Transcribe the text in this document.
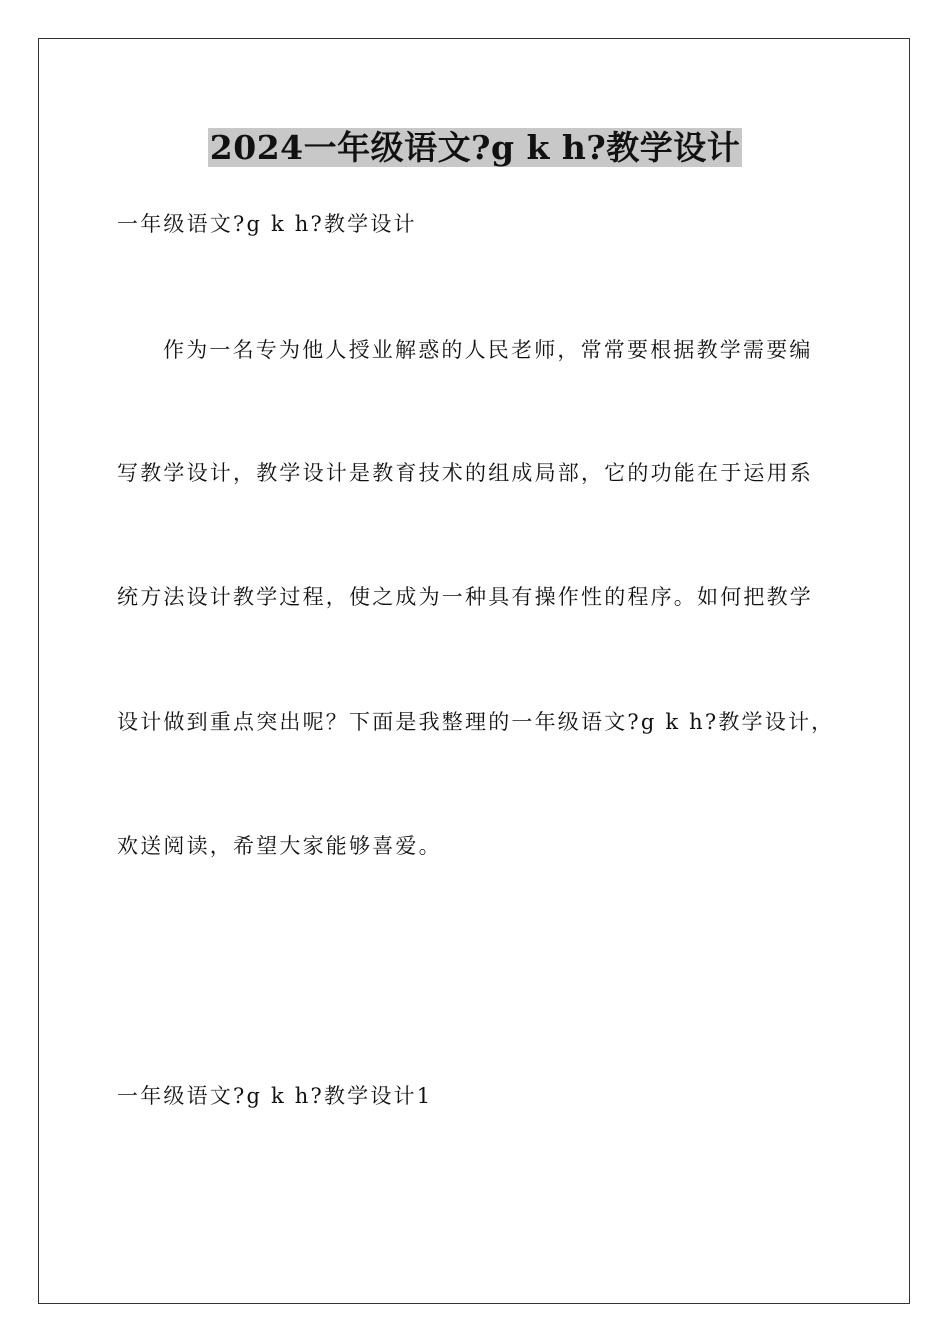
2024一年级语文?g k h?教学设计
一年级语文?g k h?教学设计
作为一名专为他人授业解惑的人民老师，常常要根据教学需要编
写教学设计，教学设计是教育技术的组成局部，它的功能在于运用系
统方法设计教学过程，使之成为一种具有操作性的程序。如何把教学
设计做到重点突出呢？下面是我整理的一年级语文?g k h?教学设计，
欢送阅读，希望大家能够喜爱。
一年级语文?g k h?教学设计1
